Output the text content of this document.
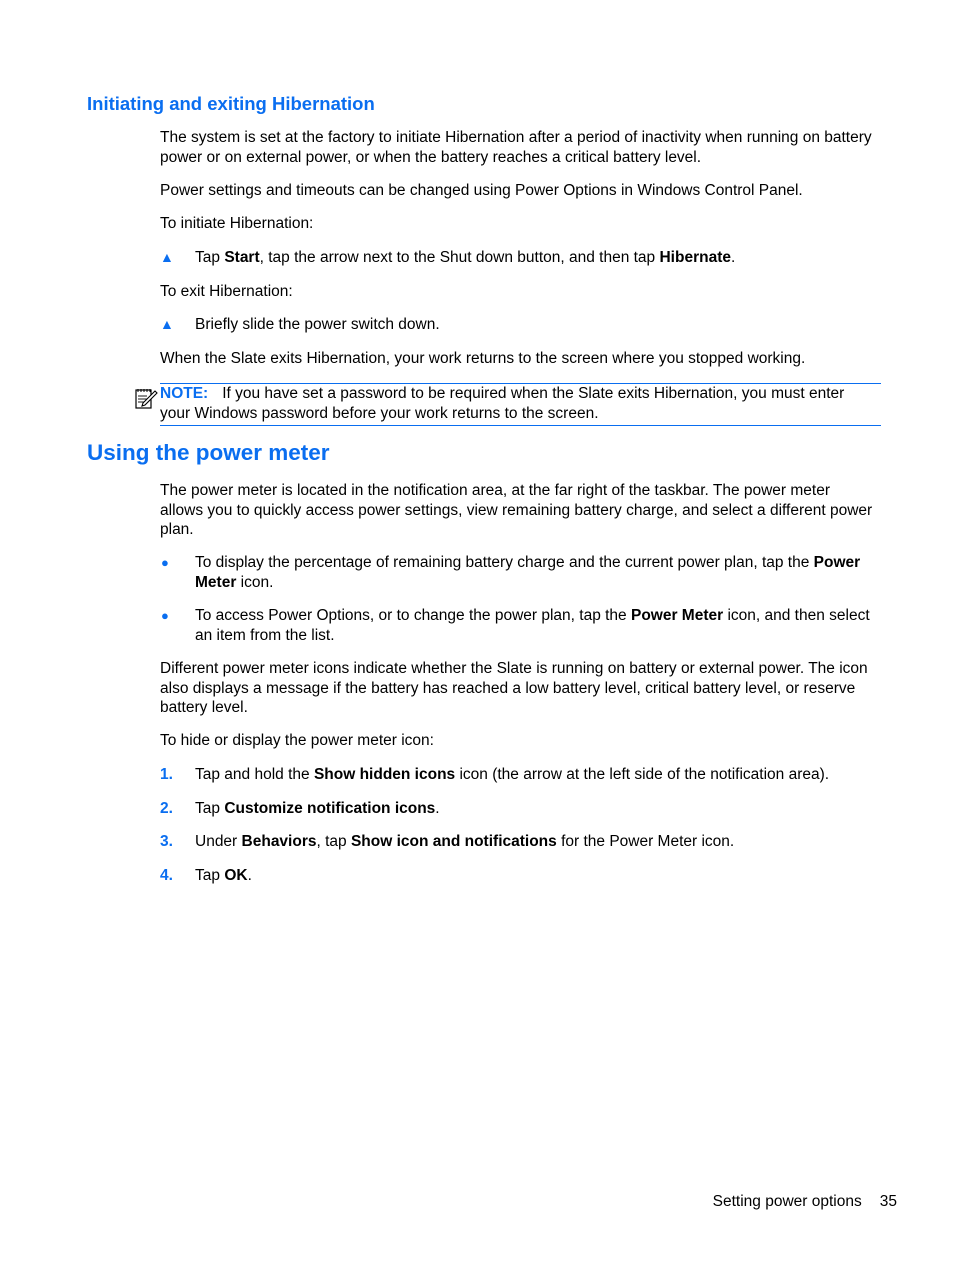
Initiating and exiting Hibernation

The system is set at the factory to initiate Hibernation after a period of inactivity when running on battery power or on external power, or when the battery reaches a critical battery level.

Power settings and timeouts can be changed using Power Options in Windows Control Panel.

To initiate Hibernation:

▲	Tap Start, tap the arrow next to the Shut down button, and then tap Hibernate.

To exit Hibernation:

▲	Briefly slide the power switch down.

When the Slate exits Hibernation, your work returns to the screen where you stopped working.

NOTE: If you have set a password to be required when the Slate exits Hibernation, you must enter your Windows password before your work returns to the screen.
Using the power meter

The power meter is located in the notification area, at the far right of the taskbar. The power meter allows you to quickly access power settings, view remaining battery charge, and select a different power plan.

●	To display the percentage of remaining battery charge and the current power plan, tap the Power Meter icon.
●	To access Power Options, or to change the power plan, tap the Power Meter icon, and then select an item from the list.

Different power meter icons indicate whether the Slate is running on battery or external power. The icon also displays a message if the battery has reached a low battery level, critical battery level, or reserve battery level.

To hide or display the power meter icon:

1.	Tap and hold the Show hidden icons icon (the arrow at the left side of the notification area).
2.	Tap Customize notification icons.
3.	Under Behaviors, tap Show icon and notifications for the Power Meter icon.
4.	Tap OK.
Setting power options 35
